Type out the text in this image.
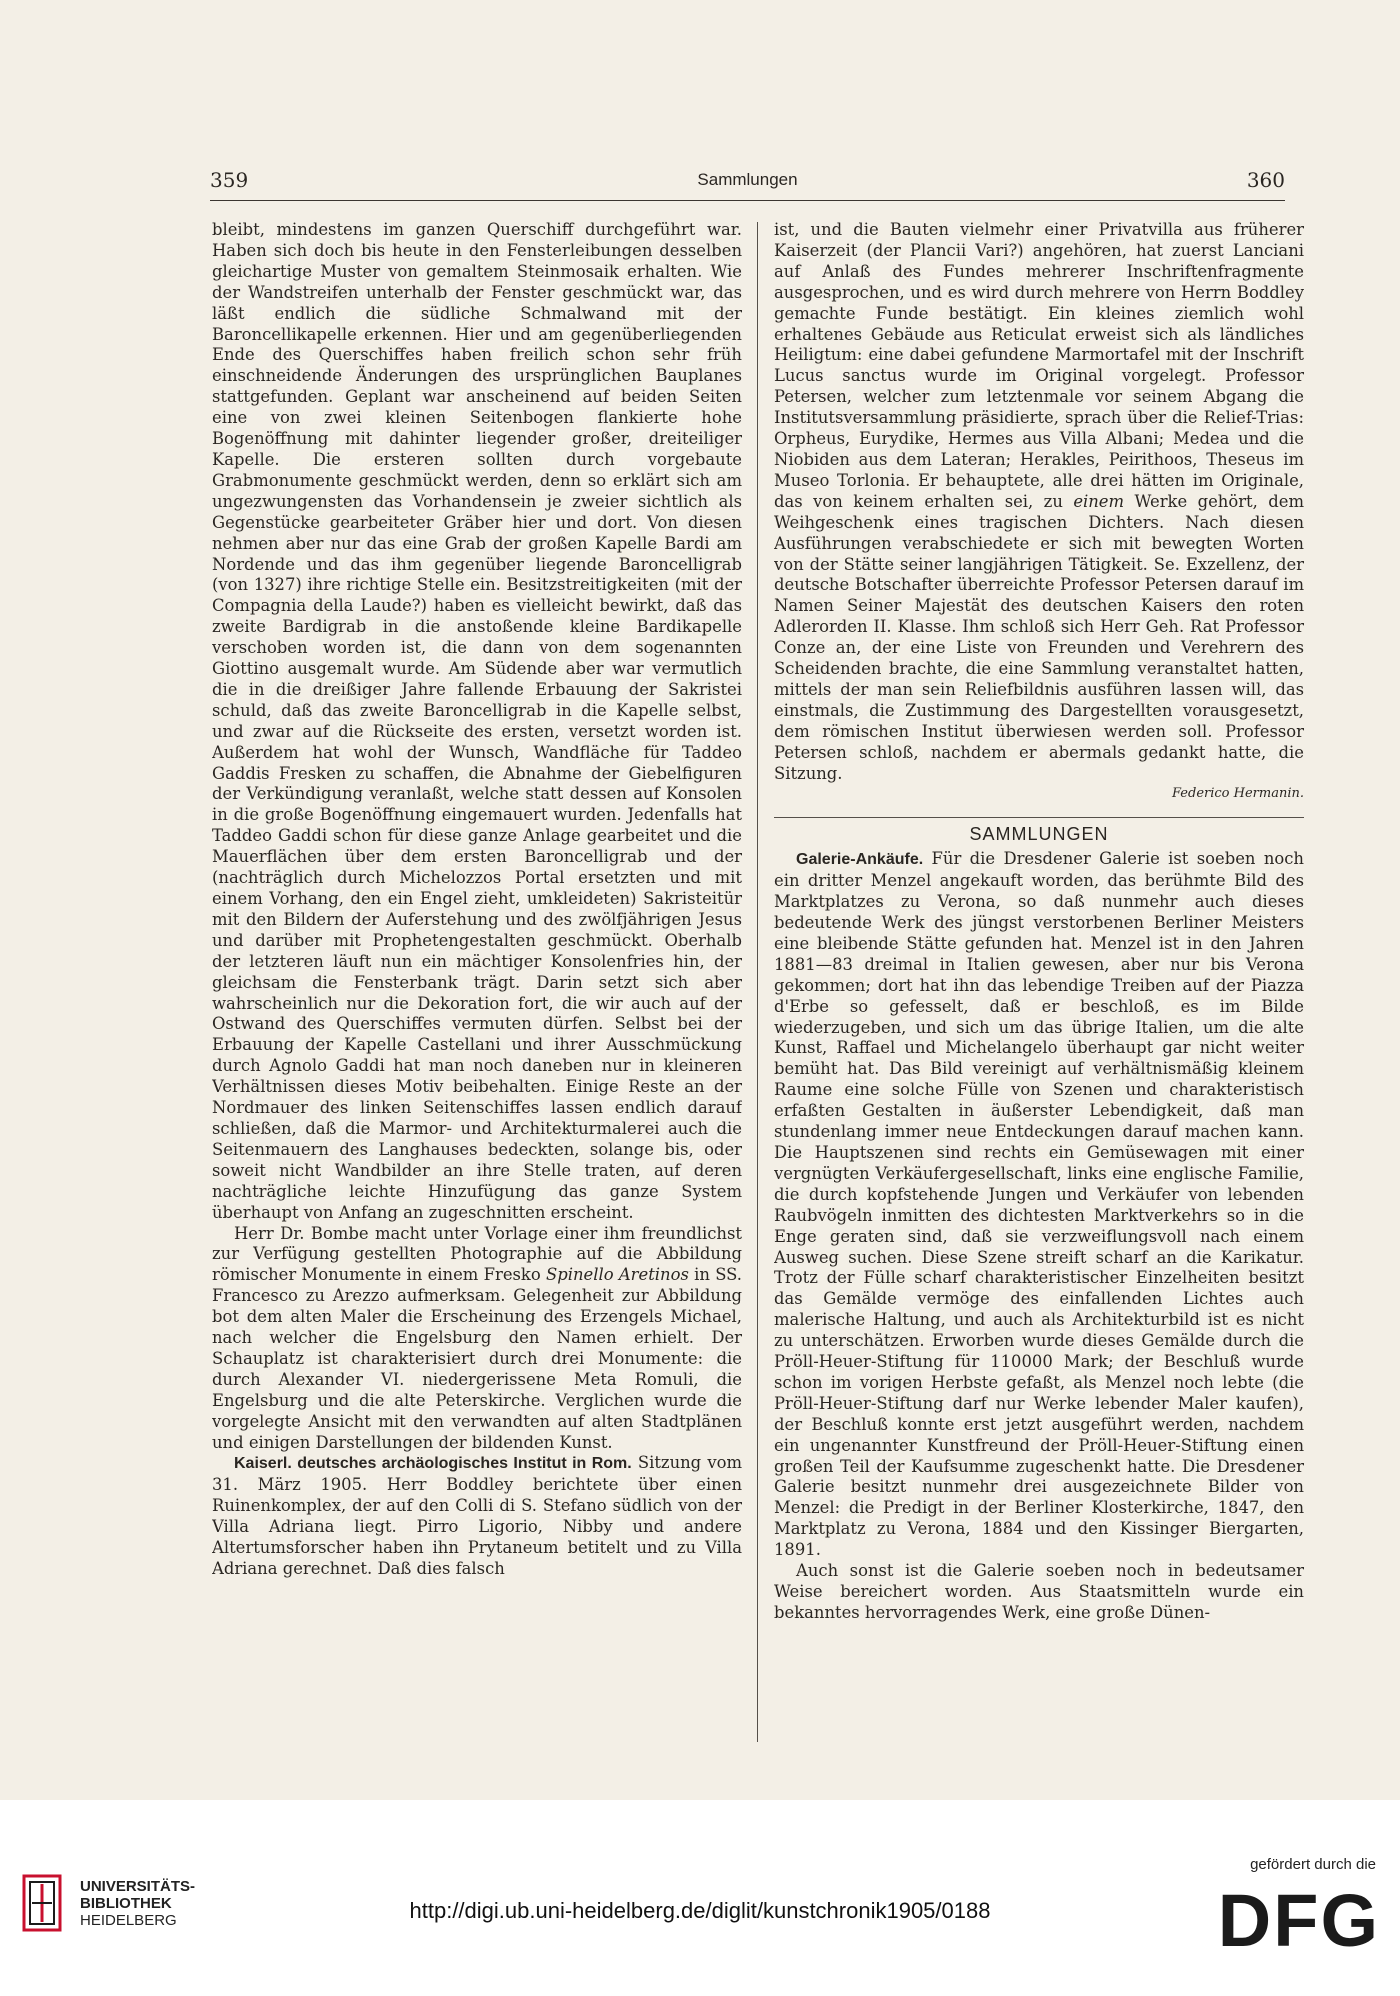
359	Sammlungen	360

bleibt, mindestens im ganzen Querschiff durchgeführt war. Haben sich doch bis heute in den Fensterleibungen desselben gleichartige Muster von gemaltem Steinmosaik erhalten. Wie der Wandstreifen unterhalb der Fenster geschmückt war, das läßt endlich die südliche Schmalwand mit der Baroncellikapelle erkennen. Hier und am gegenüberliegenden Ende des Querschiffes haben freilich schon sehr früh einschneidende Änderungen des ursprünglichen Bauplanes stattgefunden. Geplant war anscheinend auf beiden Seiten eine von zwei kleinen Seitenbogen flankierte hohe Bogenöffnung mit dahinter liegender großer, dreiteiliger Kapelle. Die ersteren sollten durch vorgebaute Grabmonumente geschmückt werden, denn so erklärt sich am ungezwungensten das Vorhandensein je zweier sichtlich als Gegenstücke gearbeiteter Gräber hier und dort. Von diesen nehmen aber nur das eine Grab der großen Kapelle Bardi am Nordende und das ihm gegenüber liegende Baroncelligrab (von 1327) ihre richtige Stelle ein. Besitzstreitigkeiten (mit der Compagnia della Laude?) haben es vielleicht bewirkt, daß das zweite Bardigrab in die anstoßende kleine Bardikapelle verschoben worden ist, die dann von dem sogenannten Giottino ausgemalt wurde. Am Südende aber war vermutlich die in die dreißiger Jahre fallende Erbauung der Sakristei schuld, daß das zweite Baroncelligrab in die Kapelle selbst, und zwar auf die Rückseite des ersten, versetzt worden ist. Außerdem hat wohl der Wunsch, Wandfläche für Taddeo Gaddis Fresken zu schaffen, die Abnahme der Giebelfiguren der Verkündigung veranlaßt, welche statt dessen auf Konsolen in die große Bogenöffnung eingemauert wurden. Jedenfalls hat Taddeo Gaddi schon für diese ganze Anlage gearbeitet und die Mauerflächen über dem ersten Baroncelligrab und der (nachträglich durch Michelozzos Portal ersetzten und mit einem Vorhang, den ein Engel zieht, umkleideten) Sakristeitür mit den Bildern der Auferstehung und des zwölfjährigen Jesus und darüber mit Prophetengestalten geschmückt. Oberhalb der letzteren läuft nun ein mächtiger Konsolenfries hin, der gleichsam die Fensterbank trägt. Darin setzt sich aber wahrscheinlich nur die Dekoration fort, die wir auch auf der Ostwand des Querschiffes vermuten dürfen. Selbst bei der Erbauung der Kapelle Castellani und ihrer Ausschmückung durch Agnolo Gaddi hat man noch daneben nur in kleineren Verhältnissen dieses Motiv beibehalten. Einige Reste an der Nordmauer des linken Seitenschiffes lassen endlich darauf schließen, daß die Marmor- und Architekturmalerei auch die Seitenmauern des Langhauses bedeckten, solange bis, oder soweit nicht Wandbilder an ihre Stelle traten, auf deren nachträgliche leichte Hinzufügung das ganze System überhaupt von Anfang an zugeschnitten erscheint.

Herr Dr. Bombe macht unter Vorlage einer ihm freundlichst zur Verfügung gestellten Photographie auf die Abbildung römischer Monumente in einem Fresko Spinello Aretinos in SS. Francesco zu Arezzo aufmerksam. Gelegenheit zur Abbildung bot dem alten Maler die Erscheinung des Erzengels Michael, nach welcher die Engelsburg den Namen erhielt. Der Schauplatz ist charakterisiert durch drei Monumente: die durch Alexander VI. niedergerissene Meta Romuli, die Engelsburg und die alte Peterskirche. Verglichen wurde die vorgelegte Ansicht mit den verwandten auf alten Stadtplänen und einigen Darstellungen der bildenden Kunst.

Kaiserl. deutsches archäologisches Institut in Rom. Sitzung vom 31. März 1905. Herr Boddley berichtete über einen Ruinenkomplex, der auf den Colli di S. Stefano südlich von der Villa Adriana liegt. Pirro Ligorio, Nibby und andere Altertumsforscher haben ihn Prytaneum betitelt und zu Villa Adriana gerechnet. Daß dies falsch

ist, und die Bauten vielmehr einer Privatvilla aus früherer Kaiserzeit (der Plancii Vari?) angehören, hat zuerst Lanciani auf Anlaß des Fundes mehrerer Inschriftenfragmente ausgesprochen, und es wird durch mehrere von Herrn Boddley gemachte Funde bestätigt. Ein kleines ziemlich wohl erhaltenes Gebäude aus Reticulat erweist sich als ländliches Heiligtum: eine dabei gefundene Marmortafel mit der Inschrift Lucus sanctus wurde im Original vorgelegt. Professor Petersen, welcher zum letztenmale vor seinem Abgang die Institutsversammlung präsidierte, sprach über die Relief-Trias: Orpheus, Eurydike, Hermes aus Villa Albani; Medea und die Niobiden aus dem Lateran; Herakles, Peirithoos, Theseus im Museo Torlonia. Er behauptete, alle drei hätten im Originale, das von keinem erhalten sei, zu einem Werke gehört, dem Weihgeschenk eines tragischen Dichters. Nach diesen Ausführungen verabschiedete er sich mit bewegten Worten von der Stätte seiner langjährigen Tätigkeit. Se. Exzellenz, der deutsche Botschafter überreichte Professor Petersen darauf im Namen Seiner Majestät des deutschen Kaisers den roten Adlerorden II. Klasse. Ihm schloß sich Herr Geh. Rat Professor Conze an, der eine Liste von Freunden und Verehrern des Scheidenden brachte, die eine Sammlung veranstaltet hatten, mittels der man sein Reliefbildnis ausführen lassen will, das einstmals, die Zustimmung des Dargestellten vorausgesetzt, dem römischen Institut überwiesen werden soll. Professor Petersen schloß, nachdem er abermals gedankt hatte, die Sitzung.

Federico Hermanin.

SAMMLUNGEN

Galerie-Ankäufe. Für die Dresdener Galerie ist soeben noch ein dritter Menzel angekauft worden, das berühmte Bild des Marktplatzes zu Verona, so daß nunmehr auch dieses bedeutende Werk des jüngst verstorbenen Berliner Meisters eine bleibende Stätte gefunden hat. Menzel ist in den Jahren 1881—83 dreimal in Italien gewesen, aber nur bis Verona gekommen; dort hat ihn das lebendige Treiben auf der Piazza d'Erbe so gefesselt, daß er beschloß, es im Bilde wiederzugeben, und sich um das übrige Italien, um die alte Kunst, Raffael und Michelangelo überhaupt gar nicht weiter bemüht hat. Das Bild vereinigt auf verhältnismäßig kleinem Raume eine solche Fülle von Szenen und charakteristisch erfaßten Gestalten in äußerster Lebendigkeit, daß man stundenlang immer neue Entdeckungen darauf machen kann. Die Hauptszenen sind rechts ein Gemüsewagen mit einer vergnügten Verkäufergesellschaft, links eine englische Familie, die durch kopfstehende Jungen und Verkäufer von lebenden Raubvögeln inmitten des dichtesten Marktverkehrs so in die Enge geraten sind, daß sie verzweiflungsvoll nach einem Ausweg suchen. Diese Szene streift scharf an die Karikatur. Trotz der Fülle scharf charakteristischer Einzelheiten besitzt das Gemälde vermöge des einfallenden Lichtes auch malerische Haltung, und auch als Architekturbild ist es nicht zu unterschätzen. Erworben wurde dieses Gemälde durch die Pröll-Heuer-Stiftung für 110000 Mark; der Beschluß wurde schon im vorigen Herbste gefaßt, als Menzel noch lebte (die Pröll-Heuer-Stiftung darf nur Werke lebender Maler kaufen), der Beschluß konnte erst jetzt ausgeführt werden, nachdem ein ungenannter Kunstfreund der Pröll-Heuer-Stiftung einen großen Teil der Kaufsumme zugeschenkt hatte. Die Dresdener Galerie besitzt nunmehr drei ausgezeichnete Bilder von Menzel: die Predigt in der Berliner Klosterkirche, 1847, den Marktplatz zu Verona, 1884 und den Kissinger Biergarten, 1891.

Auch sonst ist die Galerie soeben noch in bedeutsamer Weise bereichert worden. Aus Staatsmitteln wurde ein bekanntes hervorragendes Werk, eine große Dünen-

UNIVERSITÄTS-
BIBLIOTHEK
HEIDELBERG	http://digi.ub.uni-heidelberg.de/diglit/kunstchronik1905/0188
gefördert durch die
DFG
